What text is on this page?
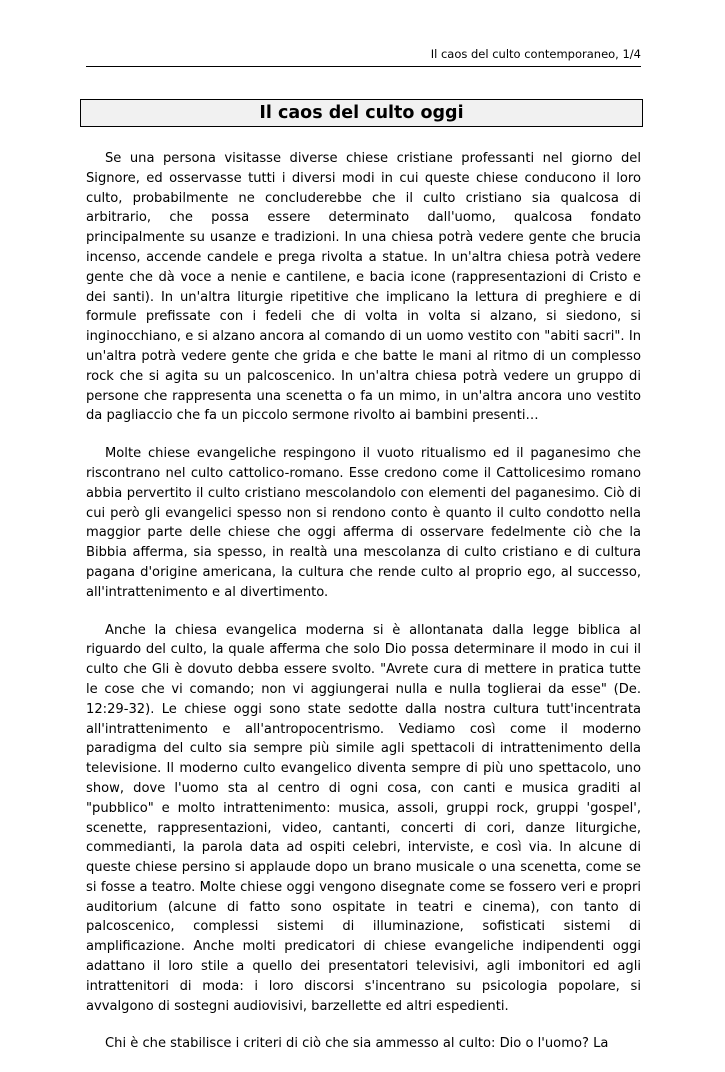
Il caos del culto contemporaneo, 1/4
Il caos del culto oggi

Se una persona visitasse diverse chiese cristiane professanti nel giorno del Signore, ed osservasse tutti i diversi modi in cui queste chiese conducono il loro culto, probabilmente ne concluderebbe che il culto cristiano sia qualcosa di arbitrario, che possa essere determinato dall'uomo, qualcosa fondato principalmente su usanze e tradizioni. In una chiesa potrà vedere gente che brucia incenso, accende candele e prega rivolta a statue. In un'altra chiesa potrà vedere gente che dà voce a nenie e cantilene, e bacia icone (rappresentazioni di Cristo e dei santi). In un'altra liturgie ripetitive che implicano la lettura di preghiere e di formule prefissate con i fedeli che di volta in volta si alzano, si siedono, si inginocchiano, e si alzano ancora al comando di un uomo vestito con "abiti sacri". In un'altra potrà vedere gente che grida e che batte le mani al ritmo di un complesso rock che si agita su un palcoscenico. In un'altra chiesa potrà vedere un gruppo di persone che rappresenta una scenetta o fa un mimo, in un'altra ancora uno vestito da pagliaccio che fa un piccolo sermone rivolto ai bambini presenti…

Molte chiese evangeliche respingono il vuoto ritualismo ed il paganesimo che riscontrano nel culto cattolico-romano. Esse credono come il Cattolicesimo romano abbia pervertito il culto cristiano mescolandolo con elementi del paganesimo. Ciò di cui però gli evangelici spesso non si rendono conto è quanto il culto condotto nella maggior parte delle chiese che oggi afferma di osservare fedelmente ciò che la Bibbia afferma, sia spesso, in realtà una mescolanza di culto cristiano e di cultura pagana d'origine americana, la cultura che rende culto al proprio ego, al successo, all'intrattenimento e al divertimento.

Anche la chiesa evangelica moderna si è allontanata dalla legge biblica al riguardo del culto, la quale afferma che solo Dio possa determinare il modo in cui il culto che Gli è dovuto debba essere svolto. "Avrete cura di mettere in pratica tutte le cose che vi comando; non vi aggiungerai nulla e nulla toglierai da esse" (De. 12:29-32). Le chiese oggi sono state sedotte dalla nostra cultura tutt'incentrata all'intrattenimento e all'antropocentrismo. Vediamo così come il moderno paradigma del culto sia sempre più simile agli spettacoli di intrattenimento della televisione. Il moderno culto evangelico diventa sempre di più uno spettacolo, uno show, dove l'uomo sta al centro di ogni cosa, con canti e musica graditi al "pubblico" e molto intrattenimento: musica, assoli, gruppi rock, gruppi 'gospel', scenette, rappresentazioni, video, cantanti, concerti di cori, danze liturgiche, commedianti, la parola data ad ospiti celebri, interviste, e così via. In alcune di queste chiese persino si applaude dopo un brano musicale o una scenetta, come se si fosse a teatro. Molte chiese oggi vengono disegnate come se fossero veri e propri auditorium (alcune di fatto sono ospitate in teatri e cinema), con tanto di palcoscenico, complessi sistemi di illuminazione, sofisticati sistemi di amplificazione. Anche molti predicatori di chiese evangeliche indipendenti oggi adattano il loro stile a quello dei presentatori televisivi, agli imbonitori ed agli intrattenitori di moda: i loro discorsi s'incentrano su psicologia popolare, si avvalgono di sostegni audiovisivi, barzellette ed altri espedienti.

Chi è che stabilisce i criteri di ciò che sia ammesso al culto: Dio o l'uomo? La
